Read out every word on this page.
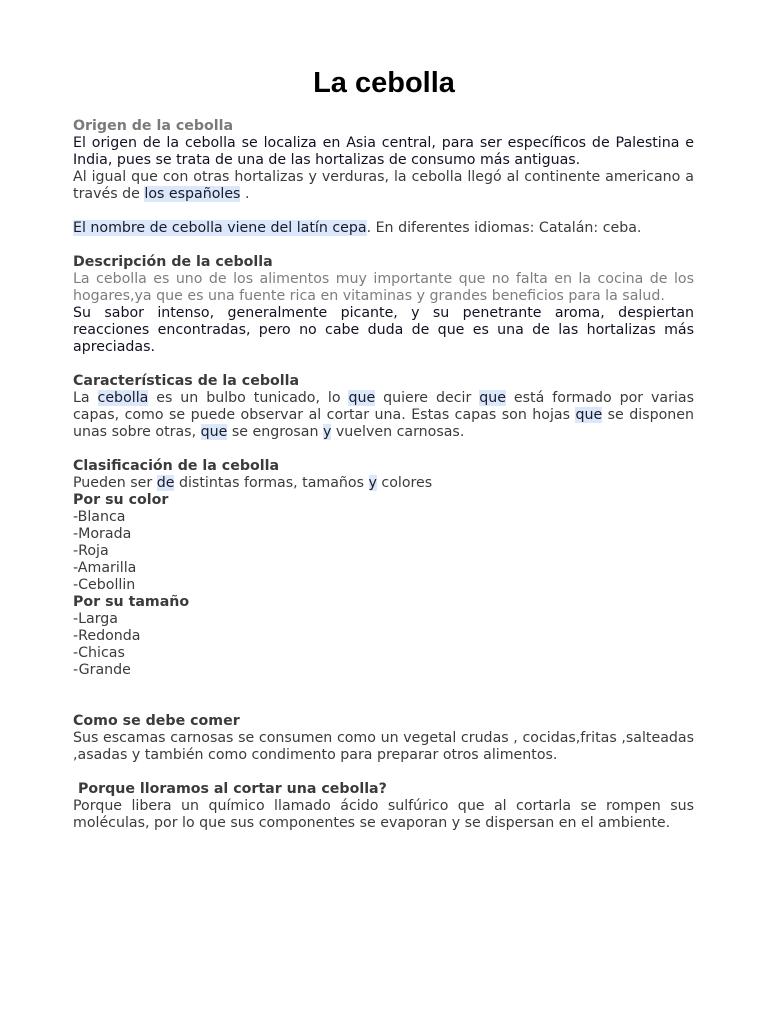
La cebolla

Origen de la cebolla

El origen de la cebolla se localiza en Asia central, para ser específicos de Palestina e India, pues se trata de una de las hortalizas de consumo más antiguas.

Al igual que con otras hortalizas y verduras, la cebolla llegó al continente americano a través de los españoles .

El nombre de cebolla viene del latín cepa. En diferentes idiomas: Catalán: ceba.

Descripción de la cebolla

La cebolla es uno de los alimentos muy importante que no falta en la cocina de los hogares,ya que es una fuente rica en vitaminas y grandes beneficios para la salud.

Su sabor intenso, generalmente picante, y su penetrante aroma, despiertan reacciones encontradas, pero no cabe duda de que es una de las hortalizas más apreciadas.

Características de la cebolla

La cebolla es un bulbo tunicado, lo que quiere decir que está formado por varias capas, como se puede observar al cortar una. Estas capas son hojas que se disponen unas sobre otras, que se engrosan y vuelven carnosas.

Clasificación de la cebolla

Pueden ser de distintas formas, tamaños y colores

Por su color

-Blanca

-Morada

-Roja

-Amarilla

-Cebollin

Por su tamaño

-Larga

-Redonda

-Chicas

-Grande

Como se debe comer

Sus escamas carnosas se consumen como un vegetal crudas , cocidas,fritas ,salteadas ,asadas y también como condimento para preparar otros alimentos.

Porque lloramos al cortar una cebolla?

Porque libera un químico llamado ácido sulfúrico que al cortarla se rompen sus moléculas, por lo que sus componentes se evaporan y se dispersan en el ambiente.
